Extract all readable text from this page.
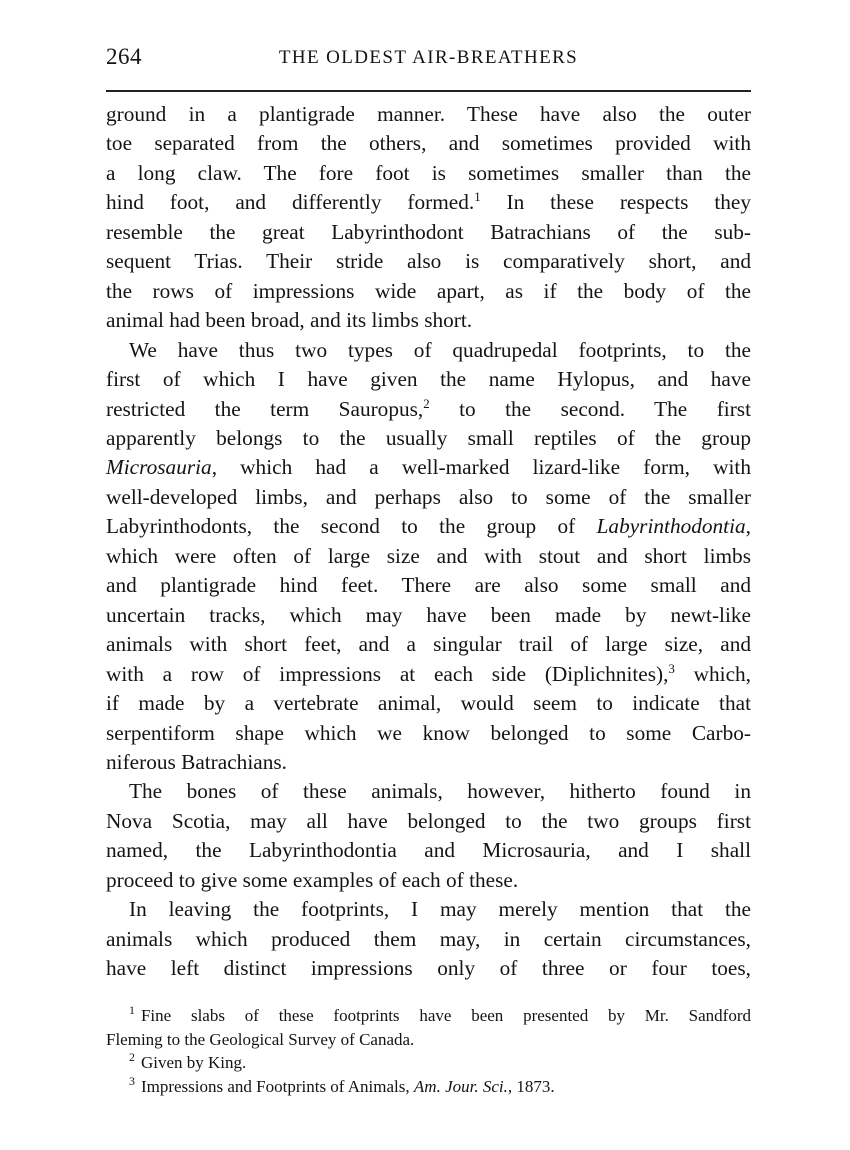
264	THE OLDEST AIR-BREATHERS
ground in a plantigrade manner. These have also the outer
toe separated from the others, and sometimes provided with
a long claw. The fore foot is sometimes smaller than the
hind foot, and differently formed.$^1$ In these respects they
resemble the great Labyrinthodont Batrachians of the sub-
sequent Trias. Their stride also is comparatively short, and
the rows of impressions wide apart, as if the body of the
animal had been broad, and its limbs short.
We have thus two types of quadrupedal footprints, to the
first of which I have given the name Hylopus, and have
restricted the term Sauropus,$^2$ to the second. The first
apparently belongs to the usually small reptiles of the group
Microsauria, which had a well-marked lizard-like form, with
well-developed limbs, and perhaps also to some of the smaller
Labyrinthodonts, the second to the group of Labyrinthodontia,
which were often of large size and with stout and short limbs
and plantigrade hind feet. There are also some small and
uncertain tracks, which may have been made by newt-like
animals with short feet, and a singular trail of large size, and
with a row of impressions at each side (Diplichnites),$^3$ which,
if made by a vertebrate animal, would seem to indicate that
serpentiform shape which we know belonged to some Carbo-
niferous Batrachians.
The bones of these animals, however, hitherto found in
Nova Scotia, may all have belonged to the two groups first
named, the Labyrinthodontia and Microsauria, and I shall
proceed to give some examples of each of these.
In leaving the footprints, I may merely mention that the
animals which produced them may, in certain circumstances,
have left distinct impressions only of three or four toes,
$^1$ Fine slabs of these footprints have been presented by Mr. Sandford
Fleming to the Geological Survey of Canada.
$^2$ Given by King.
$^3$ Impressions and Footprints of Animals, Am. Jour. Sci., 1873.
